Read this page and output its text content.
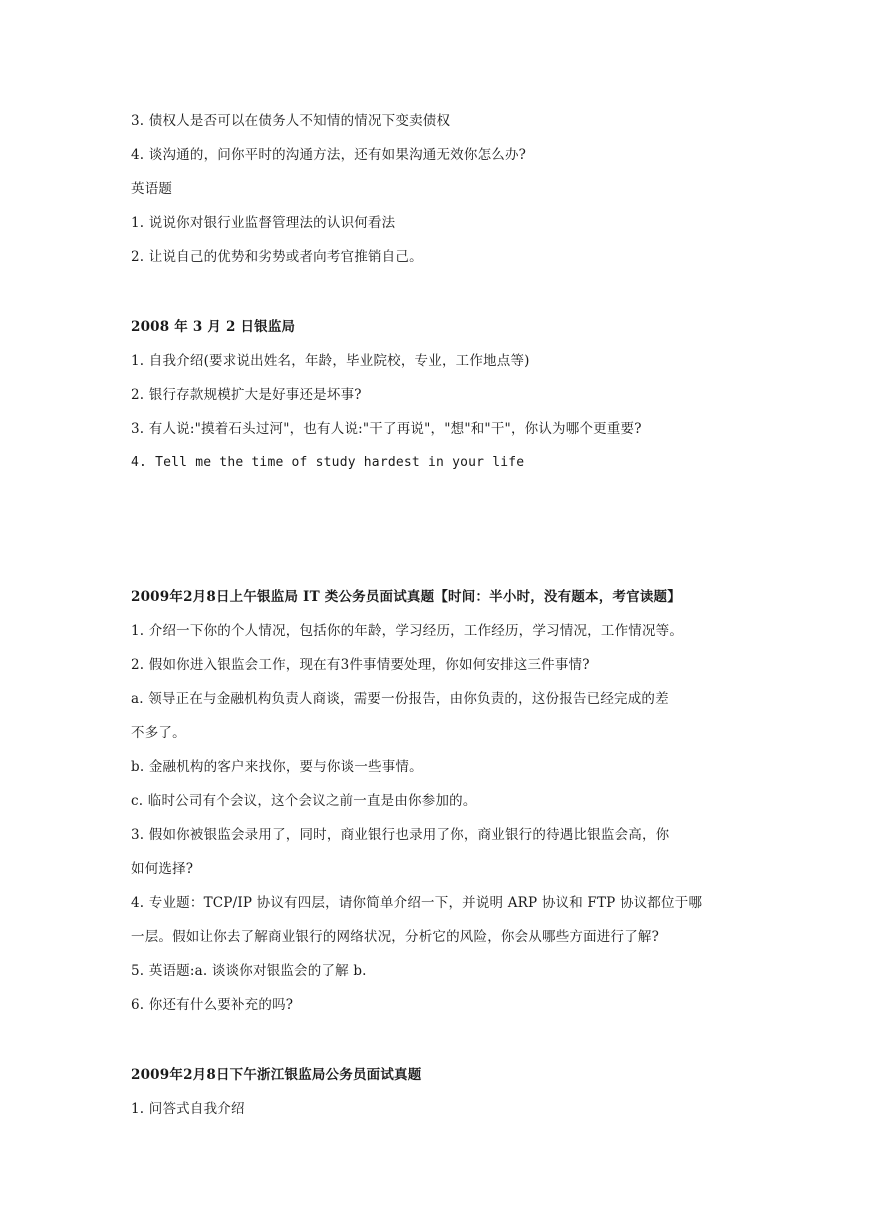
3. 债权人是否可以在债务人不知情的情况下变卖债权
4. 谈沟通的，问你平时的沟通方法，还有如果沟通无效你怎么办?
英语题
1. 说说你对银行业监督管理法的认识何看法
2. 让说自己的优势和劣势或者向考官推销自己。
2008 年 3 月 2 日银监局
1. 自我介绍(要求说出姓名，年龄，毕业院校，专业，工作地点等)
2. 银行存款规模扩大是好事还是坏事?
3. 有人说:"摸着石头过河"，也有人说:"干了再说"，"想"和"干"，你认为哪个更重要?
4. Tell me the time of study hardest in your life
2009年2月8日上午银监局 IT 类公务员面试真题【时间：半小时，没有题本，考官读题】
1. 介绍一下你的个人情况，包括你的年龄，学习经历，工作经历，学习情况，工作情况等。
2. 假如你进入银监会工作，现在有3件事情要处理，你如何安排这三件事情?
a. 领导正在与金融机构负责人商谈，需要一份报告，由你负责的，这份报告已经完成的差
不多了。
b. 金融机构的客户来找你，要与你谈一些事情。
c. 临时公司有个会议，这个会议之前一直是由你参加的。
3. 假如你被银监会录用了，同时，商业银行也录用了你，商业银行的待遇比银监会高，你
如何选择?
4. 专业题：TCP/IP 协议有四层，请你简单介绍一下，并说明 ARP 协议和 FTP 协议都位于哪
一层。假如让你去了解商业银行的网络状况，分析它的风险，你会从哪些方面进行了解?
5. 英语题:a. 谈谈你对银监会的了解 b.
6. 你还有什么要补充的吗?
2009年2月8日下午浙江银监局公务员面试真题
1. 问答式自我介绍
